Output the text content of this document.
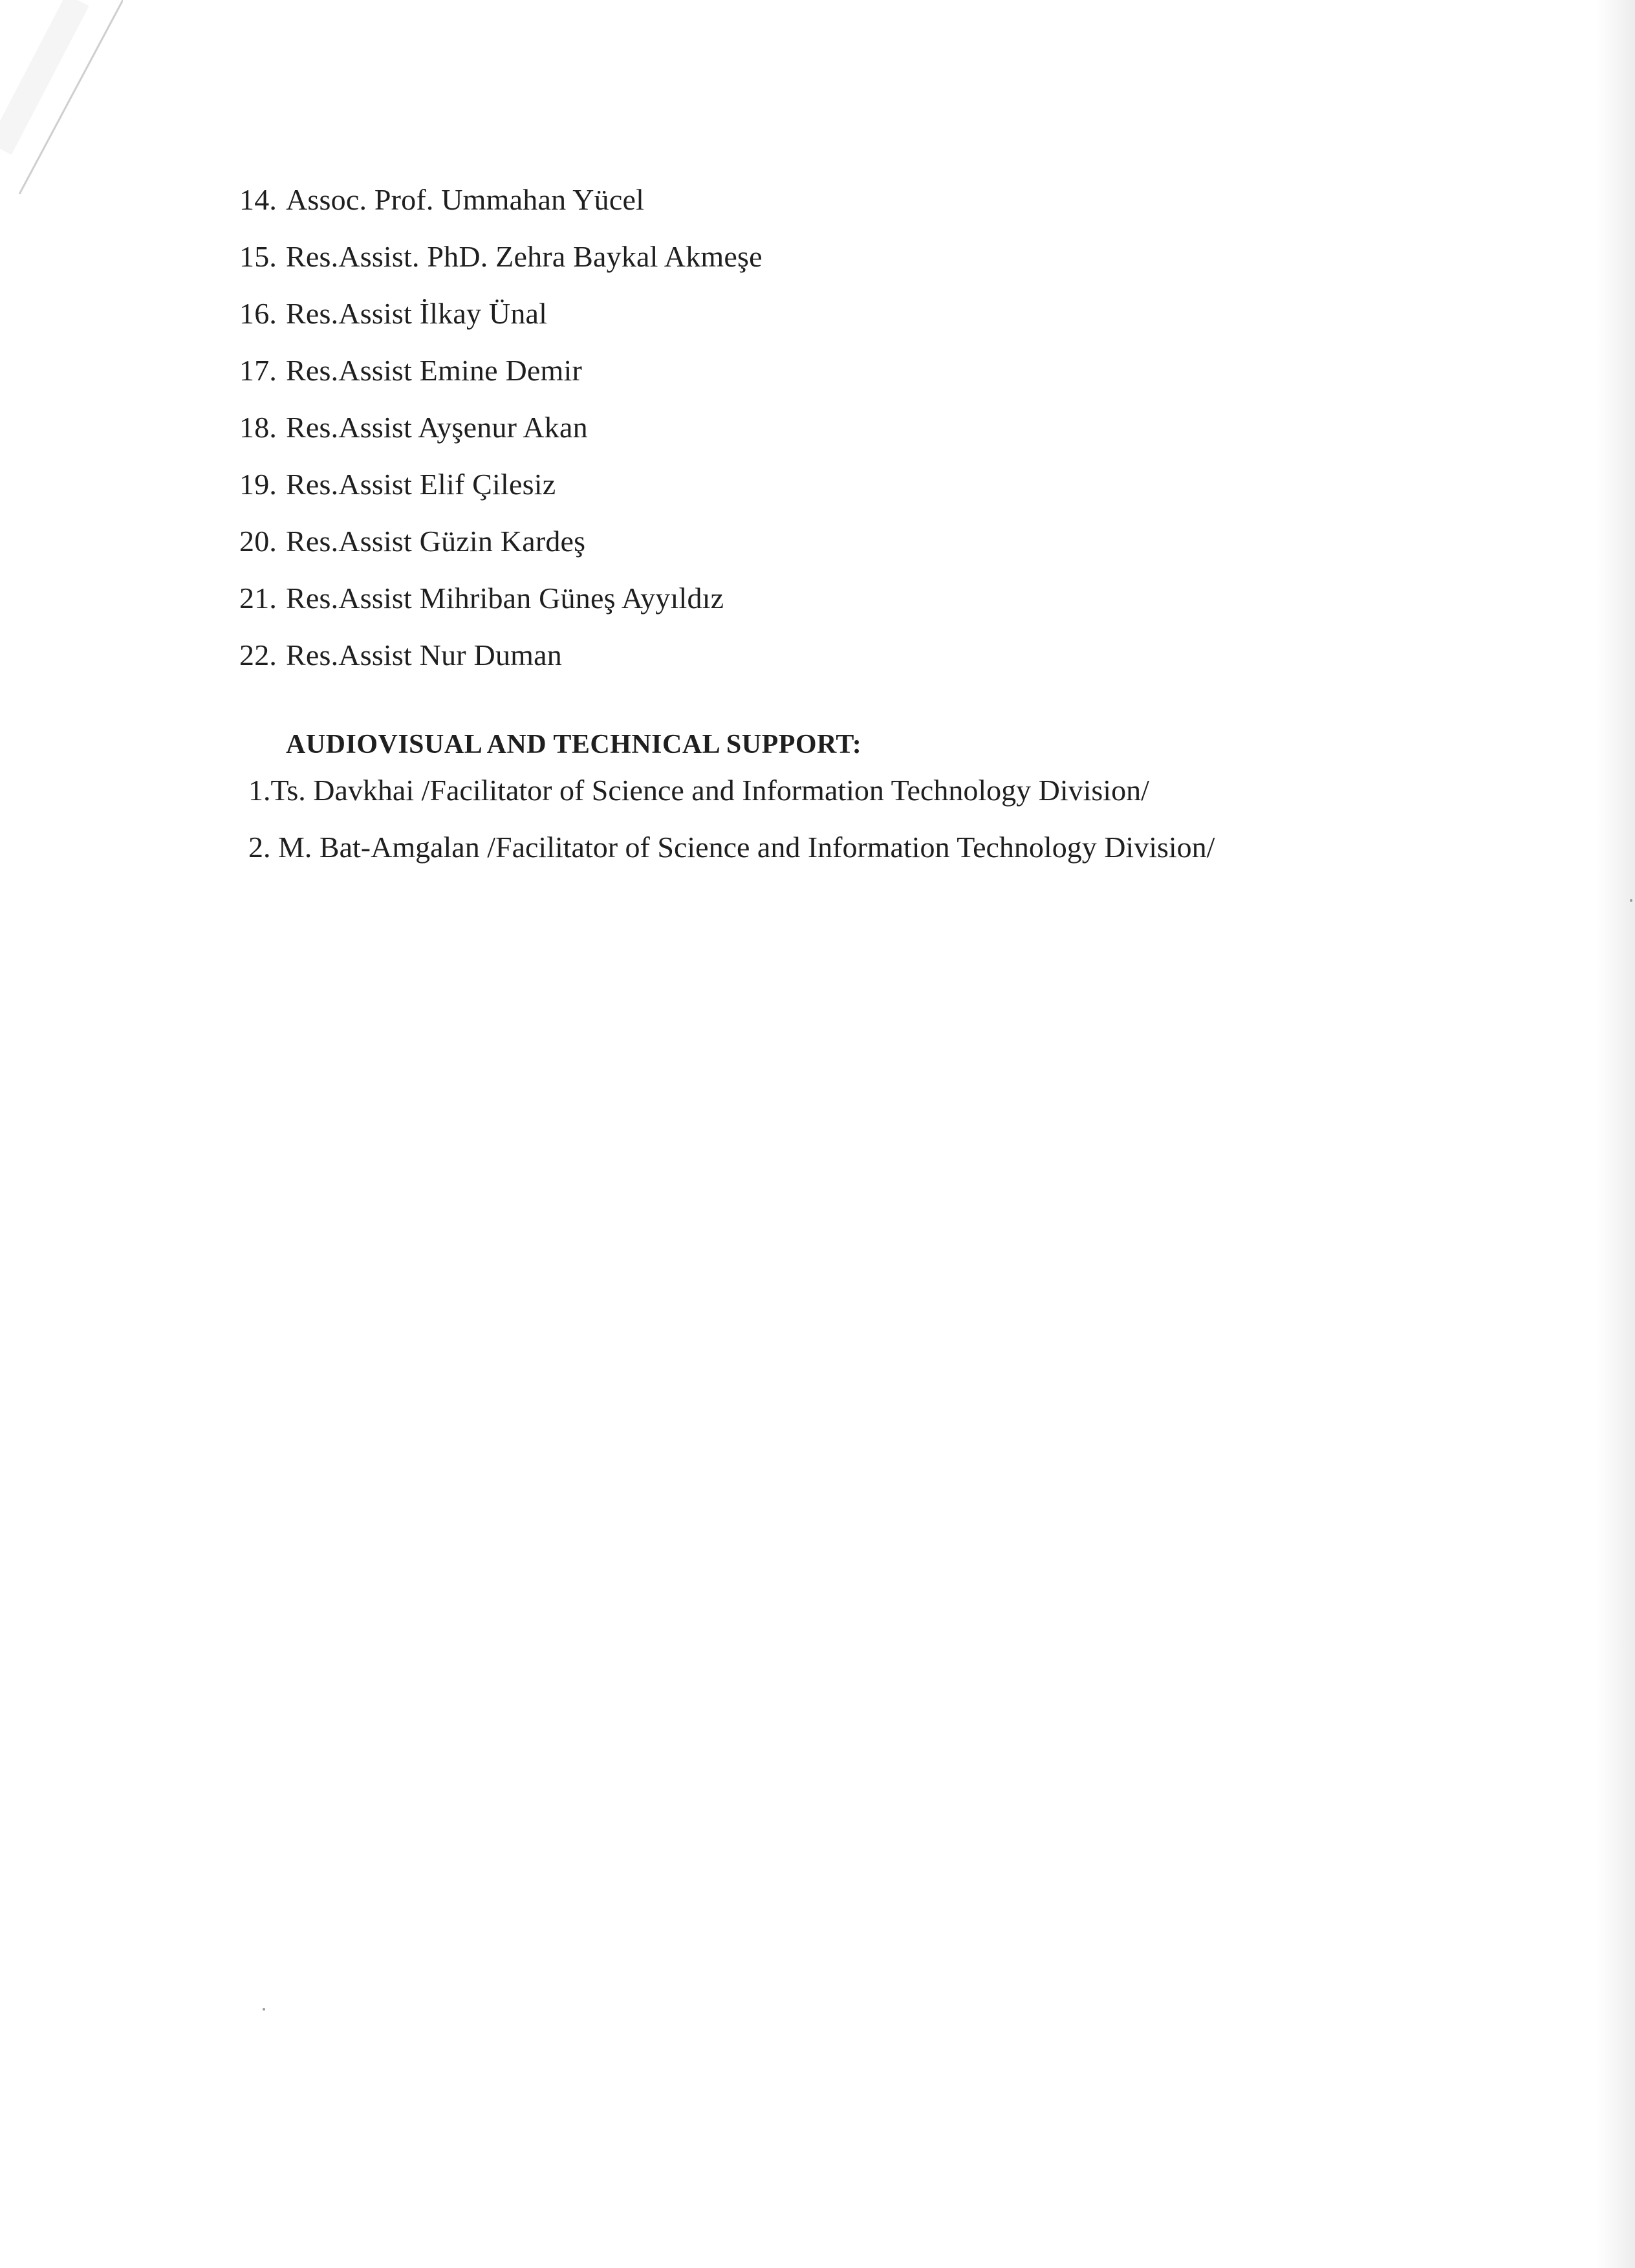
14. Assoc. Prof. Ummahan Yücel
15. Res.Assist. PhD. Zehra Baykal Akmeşe
16. Res.Assist İlkay Ünal
17. Res.Assist Emine Demir
18. Res.Assist Ayşenur Akan
19. Res.Assist Elif Çilesiz
20. Res.Assist Güzin Kardeş
21. Res.Assist Mihriban Güneş Ayyıldız
22. Res.Assist Nur Duman
AUDIOVISUAL AND TECHNICAL SUPPORT:
1.Ts. Davkhai /Facilitator of Science and Information Technology Division/
2. M. Bat-Amgalan /Facilitator of Science and Information Technology Division/
